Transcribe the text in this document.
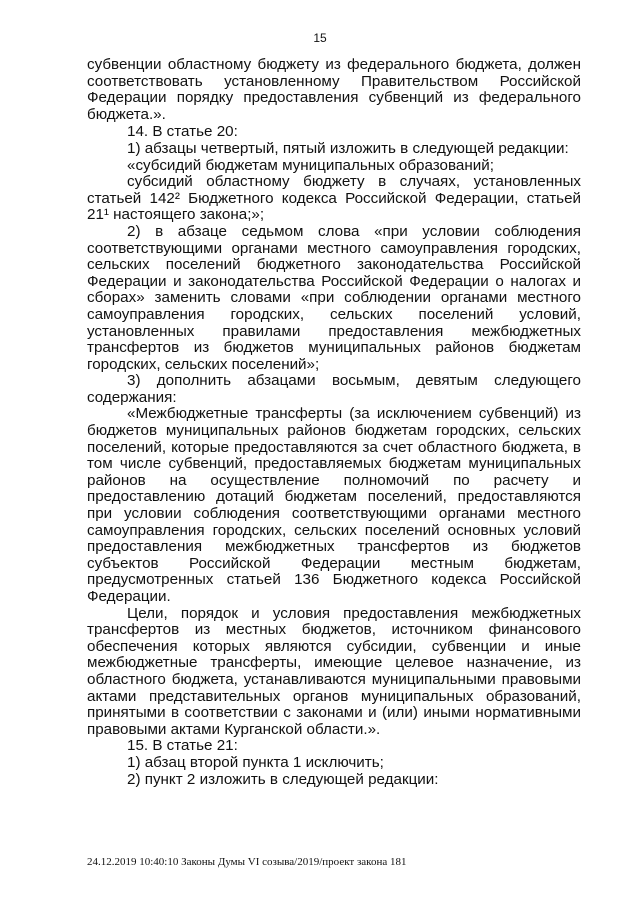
15

субвенции областному бюджету из федерального бюджета, должен соответствовать установленному Правительством Российской Федерации порядку предоставления субвенций из федерального бюджета.».

14. В статье 20:

1) абзацы четвертый, пятый изложить в следующей редакции:

«субсидий бюджетам муниципальных образований;

субсидий областному бюджету в случаях, установленных статьей 142² Бюджетного кодекса Российской Федерации, статьей 21¹ настоящего закона;»;

2) в абзаце седьмом слова «при условии соблюдения соответствующими органами местного самоуправления городских, сельских поселений бюджетного законодательства Российской Федерации и законодательства Российской Федерации о налогах и сборах» заменить словами «при соблюдении органами местного самоуправления городских, сельских поселений условий, установленных правилами предоставления межбюджетных трансфертов из бюджетов муниципальных районов бюджетам городских, сельских поселений»;

3) дополнить абзацами восьмым, девятым следующего содержания:

«Межбюджетные трансферты (за исключением субвенций) из бюджетов муниципальных районов бюджетам городских, сельских поселений, которые предоставляются за счет областного бюджета, в том числе субвенций, предоставляемых бюджетам муниципальных районов на осуществление полномочий по расчету и предоставлению дотаций бюджетам поселений, предоставляются при условии соблюдения соответствующими органами местного самоуправления городских, сельских поселений основных условий предоставления межбюджетных трансфертов из бюджетов субъектов Российской Федерации местным бюджетам, предусмотренных статьей 136 Бюджетного кодекса Российской Федерации.

Цели, порядок и условия предоставления межбюджетных трансфертов из местных бюджетов, источником финансового обеспечения которых являются субсидии, субвенции и иные межбюджетные трансферты, имеющие целевое назначение, из областного бюджета, устанавливаются муниципальными правовыми актами представительных органов муниципальных образований, принятыми в соответствии с законами и (или) иными нормативными правовыми актами Курганской области.».

15. В статье 21:

1) абзац второй пункта 1 исключить;

2) пункт 2 изложить в следующей редакции:

24.12.2019 10:40:10 Законы Думы VI созыва/2019/проект закона 181
